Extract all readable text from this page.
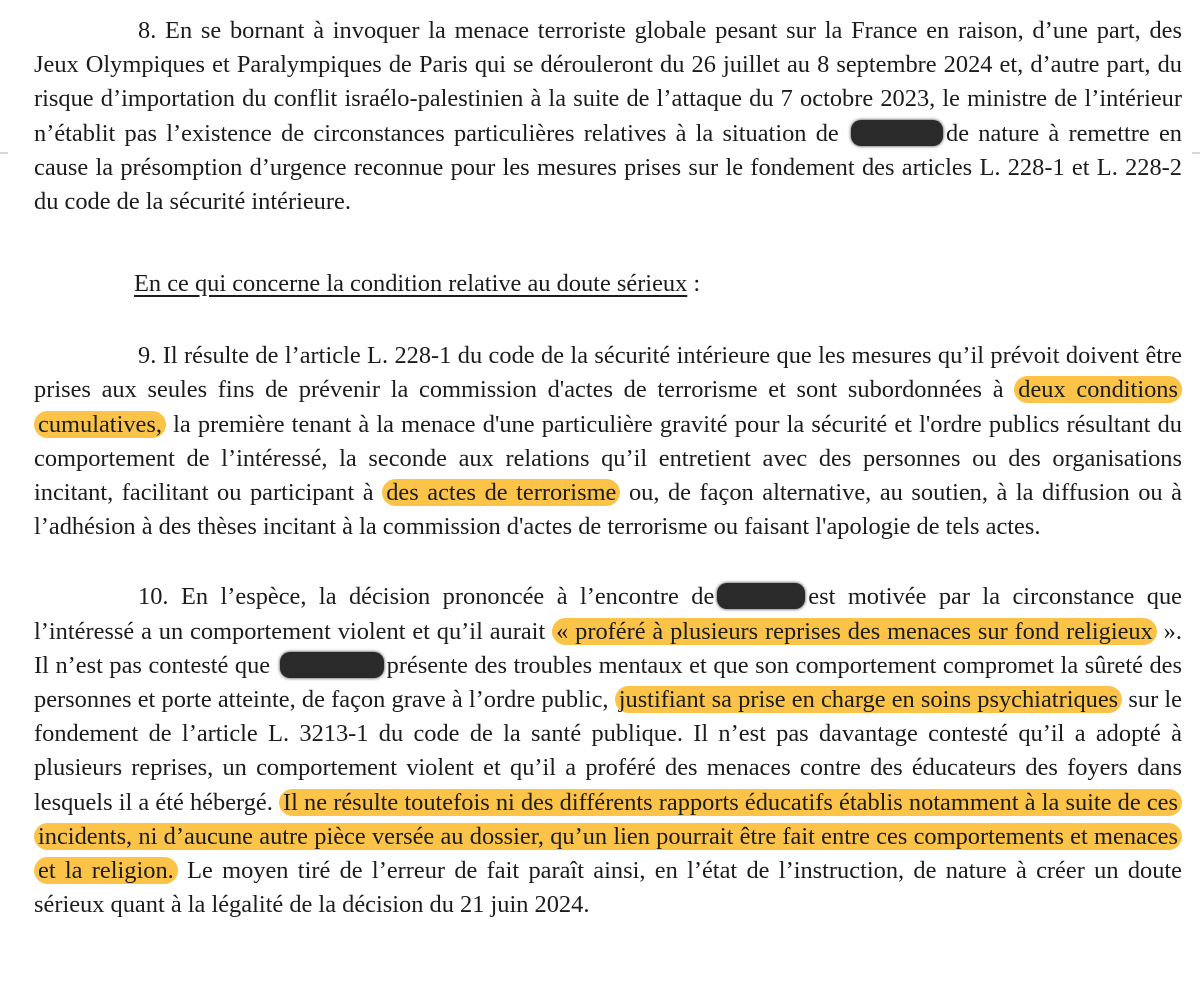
8. En se bornant à invoquer la menace terroriste globale pesant sur la France en raison, d’une part, des Jeux Olympiques et Paralympiques de Paris qui se dérouleront du 26 juillet au 8 septembre 2024 et, d’autre part, du risque d’importation du conflit israélo-palestinien à la suite de l’attaque du 7 octobre 2023, le ministre de l’intérieur n’établit pas l’existence de circonstances particulières relatives à la situation de	de nature à remettre en cause la présomption d’urgence reconnue pour les mesures prises sur le fondement des articles L. 228-1 et L. 228-2 du code de la sécurité intérieure.

En ce qui concerne la condition relative au doute sérieux :

9. Il résulte de l’article L. 228-1 du code de la sécurité intérieure que les mesures qu’il prévoit doivent être prises aux seules fins de prévenir la commission d'actes de terrorisme et sont subordonnées à deux conditions cumulatives, la première tenant à la menace d'une particulière gravité pour la sécurité et l'ordre publics résultant du comportement de l’intéressé, la seconde aux relations qu’il entretient avec des personnes ou des organisations incitant, facilitant ou participant à des actes de terrorisme ou, de façon alternative, au soutien, à la diffusion ou à l’adhésion à des thèses incitant à la commission d'actes de terrorisme ou faisant l'apologie de tels actes.

10. En l’espèce, la décision prononcée à l’encontre de	est motivée par la circonstance que l’intéressé a un comportement violent et qu’il aurait « proféré à plusieurs reprises des menaces sur fond religieux ». Il n’est pas contesté que	présente des troubles mentaux et que son comportement compromet la sûreté des personnes et porte atteinte, de façon grave à l’ordre public, justifiant sa prise en charge en soins psychiatriques sur le fondement de l’article L. 3213-1 du code de la santé publique. Il n’est pas davantage contesté qu’il a adopté à plusieurs reprises, un comportement violent et qu’il a proféré des menaces contre des éducateurs des foyers dans lesquels il a été hébergé. Il ne résulte toutefois ni des différents rapports éducatifs établis notamment à la suite de ces incidents, ni d’aucune autre pièce versée au dossier, qu’un lien pourrait être fait entre ces comportements et menaces et la religion. Le moyen tiré de l’erreur de fait paraît ainsi, en l’état de l’instruction, de nature à créer un doute sérieux quant à la légalité de la décision du 21 juin 2024.
